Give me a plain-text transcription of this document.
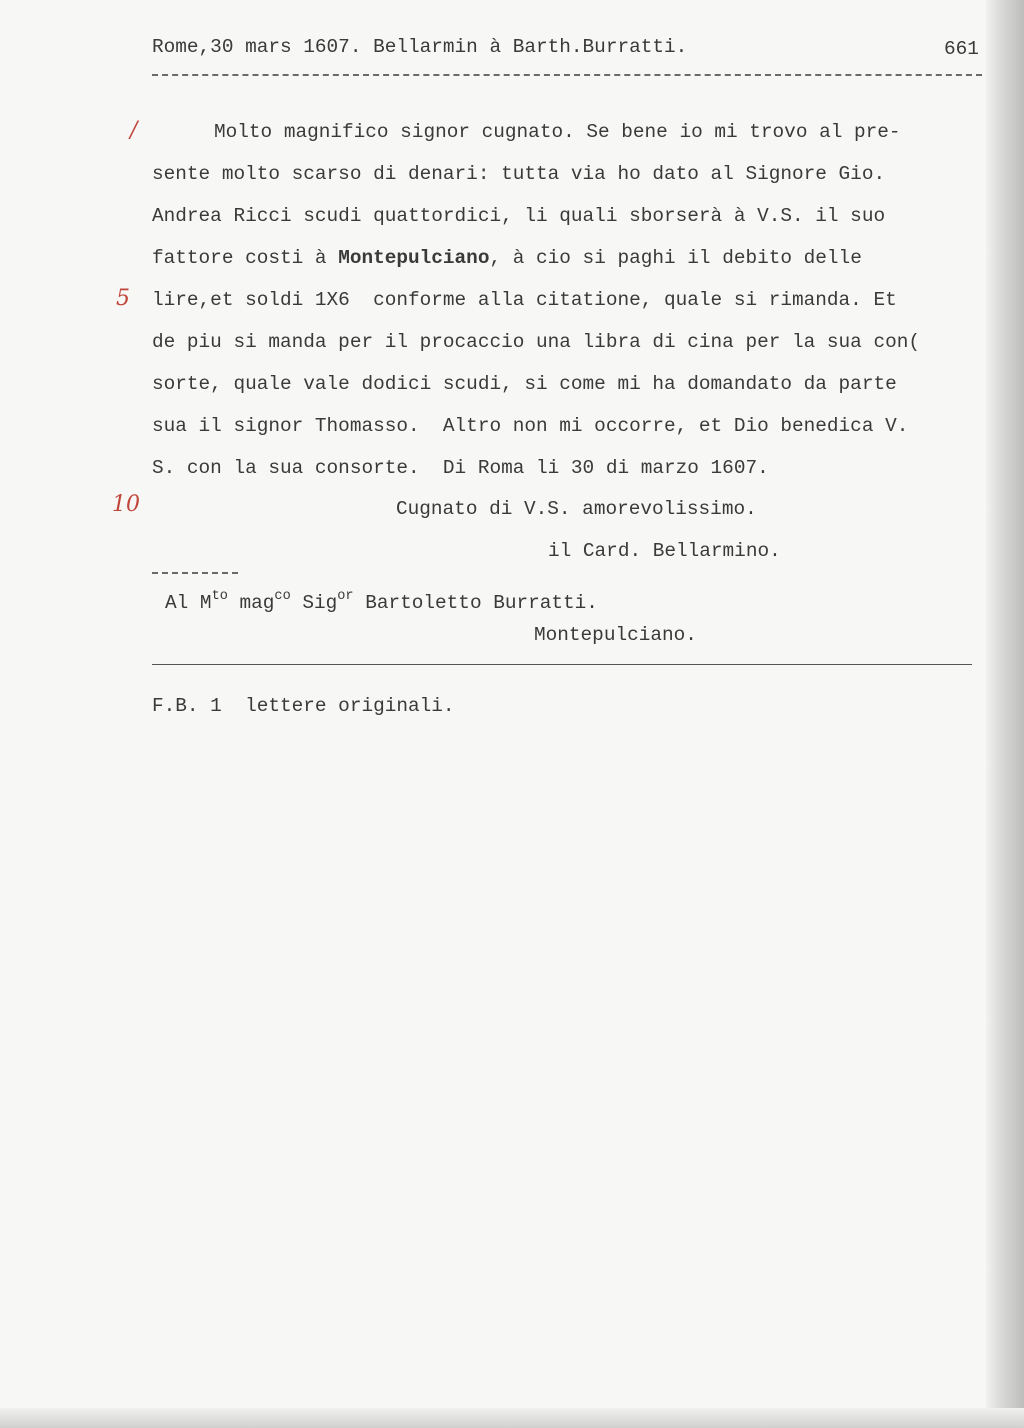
Rome,30 mars 1607. Bellarmin à Barth.Burratti.	661
/
5
10
Molto magnifico signor cugnato. Se bene io mi trovo al pre-
sente molto scarso di denari: tutta via ho dato al Signore Gio.
Andrea Ricci scudi quattordici, li quali sborserà à V.S. il suo
fattore costi à Montepulciano, à cio si paghi il debito delle
lire,et soldi 1X6  conforme alla citatione, quale si rimanda. Et
de piu si manda per il procaccio una libra di cina per la sua con(
sorte, quale vale dodici scudi, si come mi ha domandato da parte
sua il signor Thomasso.  Altro non mi occorre, et Dio benedica V.
S. con la sua consorte.  Di Roma li 30 di marzo 1607.
Cugnato di V.S. amorevolissimo.
il Card. Bellarmino.
Al $M^{to}$ mag$^{co}$ Sig$^{or}$ Bartoletto Burratti.
Montepulciano.
F.B. 1  lettere originali.
